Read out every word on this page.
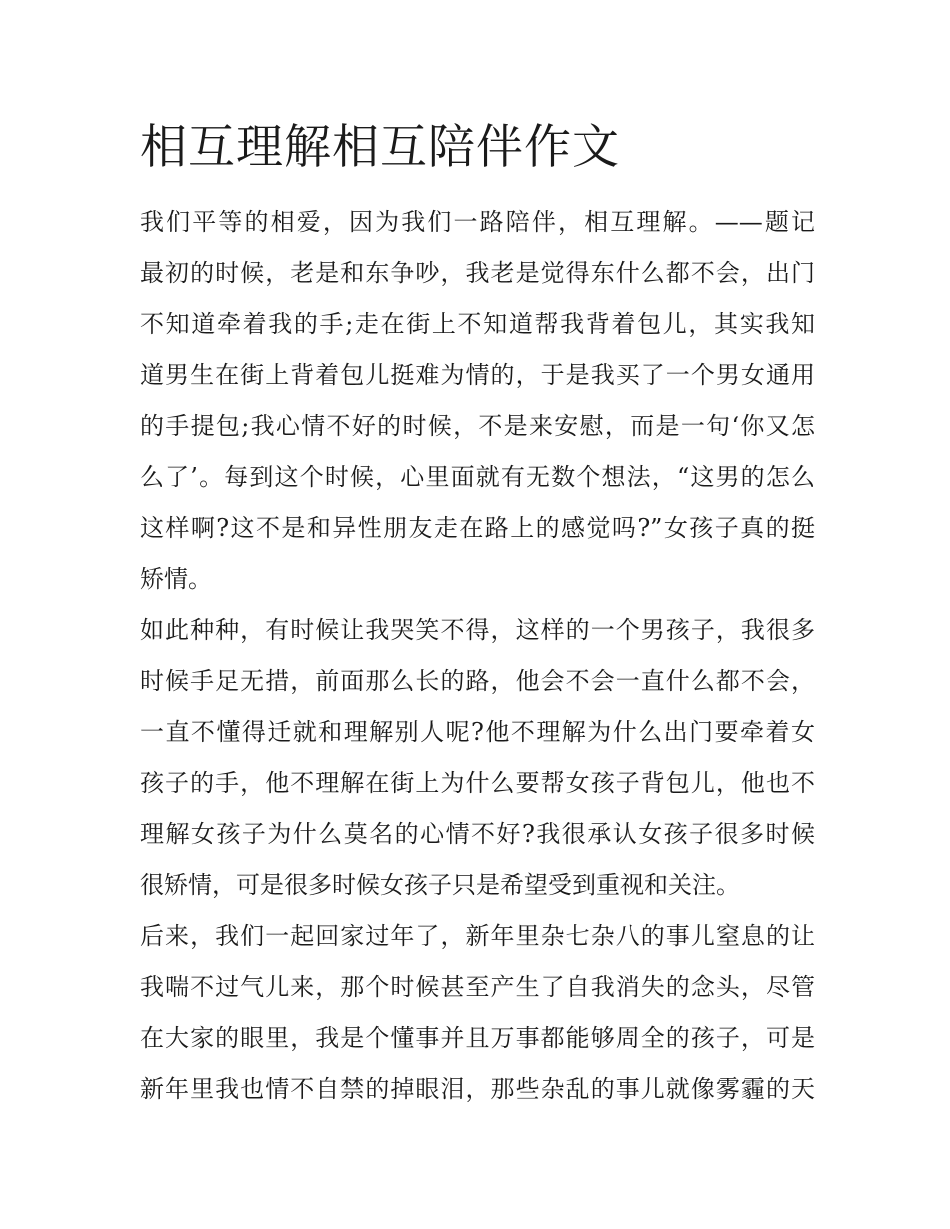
相互理解相互陪伴作文
我们平等的相爱，因为我们一路陪伴，相互理解。——题记
最初的时候，老是和东争吵，我老是觉得东什么都不会，出门
不知道牵着我的手;走在街上不知道帮我背着包儿，其实我知
道男生在街上背着包儿挺难为情的，于是我买了一个男女通用
的手提包;我心情不好的时候，不是来安慰，而是一句‘你又怎
么了’。每到这个时候，心里面就有无数个想法，“这男的怎么
这样啊?这不是和异性朋友走在路上的感觉吗?”女孩子真的挺
矫情。
如此种种，有时候让我哭笑不得，这样的一个男孩子，我很多
时候手足无措，前面那么长的路，他会不会一直什么都不会，
一直不懂得迁就和理解别人呢?他不理解为什么出门要牵着女
孩子的手，他不理解在街上为什么要帮女孩子背包儿，他也不
理解女孩子为什么莫名的心情不好?我很承认女孩子很多时候
很矫情，可是很多时候女孩子只是希望受到重视和关注。
后来，我们一起回家过年了，新年里杂七杂八的事儿窒息的让
我喘不过气儿来，那个时候甚至产生了自我消失的念头，尽管
在大家的眼里，我是个懂事并且万事都能够周全的孩子，可是
新年里我也情不自禁的掉眼泪，那些杂乱的事儿就像雾霾的天
